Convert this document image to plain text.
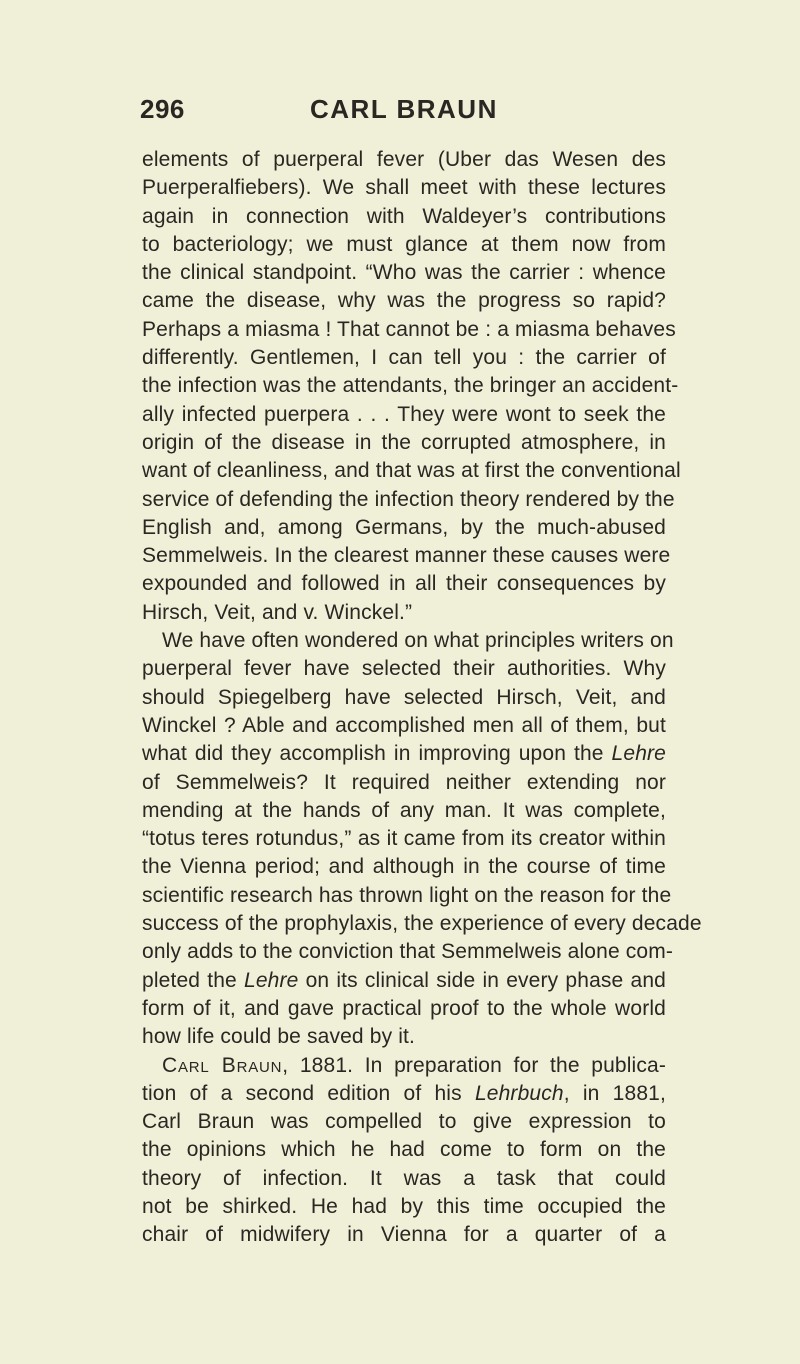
296	CARL BRAUN
elements of puerperal fever (Uber das Wesen des
Puerperalfiebers). We shall meet with these lectures
again in connection with Waldeyer’s contributions
to bacteriology; we must glance at them now from
the clinical standpoint. “Who was the carrier : whence
came the disease, why was the progress so rapid?
Perhaps a miasma ! That cannot be : a miasma behaves
differently. Gentlemen, I can tell you : the carrier of
the infection was the attendants, the bringer an accident-
ally infected puerpera . . . They were wont to seek the
origin of the disease in the corrupted atmosphere, in
want of cleanliness, and that was at first the conventional
service of defending the infection theory rendered by the
English and, among Germans, by the much-abused
Semmelweis. In the clearest manner these causes were
expounded and followed in all their consequences by
Hirsch, Veit, and v. Winckel.”
We have often wondered on what principles writers on
puerperal fever have selected their authorities. Why
should Spiegelberg have selected Hirsch, Veit, and
Winckel ? Able and accomplished men all of them, but
what did they accomplish in improving upon the Lehre
of Semmelweis? It required neither extending nor
mending at the hands of any man. It was complete,
“totus teres rotundus,” as it came from its creator within
the Vienna period; and although in the course of time
scientific research has thrown light on the reason for the
success of the prophylaxis, the experience of every decade
only adds to the conviction that Semmelweis alone com-
pleted the Lehre on its clinical side in every phase and
form of it, and gave practical proof to the whole world
how life could be saved by it.
Carl Braun, 1881. In preparation for the publica-
tion of a second edition of his Lehrbuch, in 1881,
Carl Braun was compelled to give expression to
the opinions which he had come to form on the
theory of infection. It was a task that could
not be shirked. He had by this time occupied the
chair of midwifery in Vienna for a quarter of a
